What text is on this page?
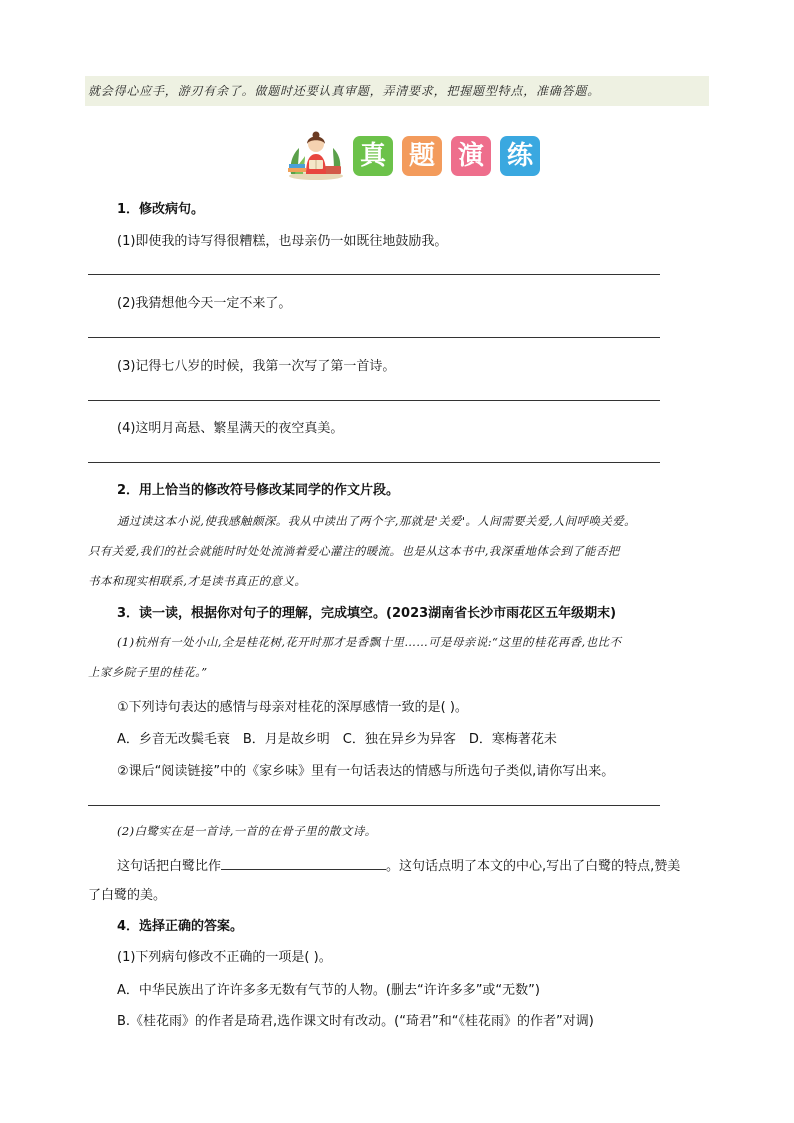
就会得心应手，游刃有余了。做题时还要认真审题，弄清要求，把握题型特点，准确答题。
真 题 演 练
1．修改病句。
(1)即使我的诗写得很糟糕，也母亲仍一如既往地鼓励我。
(2)我猜想他今天一定不来了。
(3)记得七八岁的时候，我第一次写了第一首诗。
(4)这明月高悬、繁星满天的夜空真美。
2．用上恰当的修改符号修改某同学的作文片段。
通过读这本小说,使我感触颇深。我从中读出了两个字,那就是'关爱'。人间需要关爱,人间呼唤关爱。
只有关爱,我们的社会就能时时处处流淌着爱心灌注的暖流。也是从这本书中,我深重地体会到了能否把
书本和现实相联系,才是读书真正的意义。
3．读一读，根据你对句子的理解，完成填空。(2023湖南省长沙市雨花区五年级期末)
(1)杭州有一处小山,全是桂花树,花开时那才是香飘十里……可是母亲说:“这里的桂花再香,也比不
上家乡院子里的桂花。”
①下列诗句表达的感情与母亲对桂花的深厚感情一致的是( )。
A．乡音无改鬓毛衰　B．月是故乡明　C．独在异乡为异客　D．寒梅著花未
②课后“阅读链接”中的《家乡味》里有一句话表达的情感与所选句子类似,请你写出来。
(2)白鹭实在是一首诗,一首的在骨子里的散文诗。
这句话把白鹭比作	。这句话点明了本文的中心,写出了白鹭的特点,赞美
了白鹭的美。
4．选择正确的答案。
(1)下列病句修改不正确的一项是( )。
A．中华民族出了许许多多无数有气节的人物。(删去“许许多多”或“无数”)
B.《桂花雨》的作者是琦君,选作课文时有改动。(“琦君”和“《桂花雨》的作者”对调)
